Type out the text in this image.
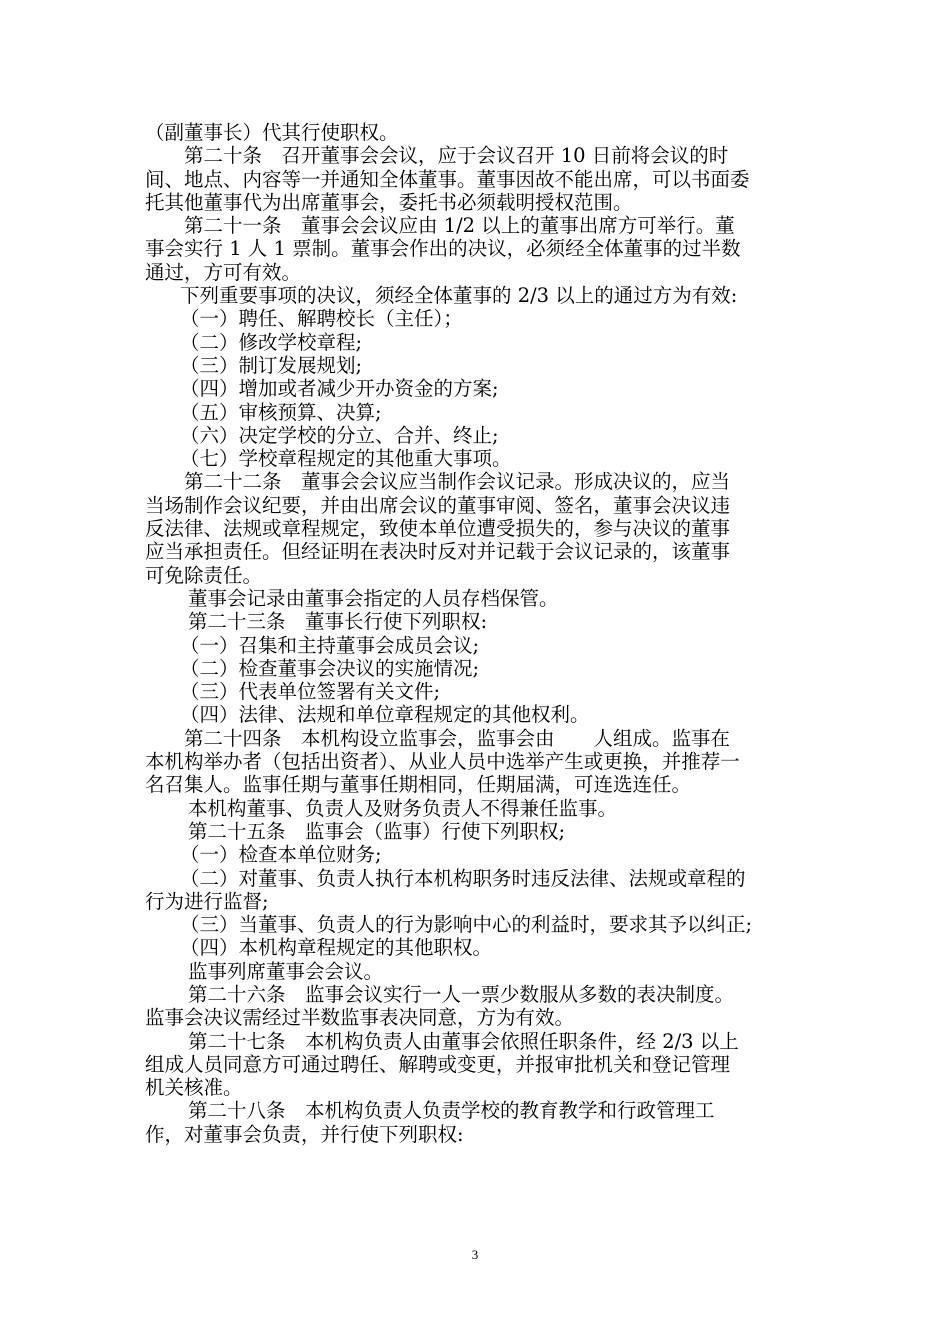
（副董事长）代其行使职权。
第二十条　召开董事会会议，应于会议召开 10 日前将会议的时
间、地点、内容等一并通知全体董事。董事因故不能出席，可以书面委
托其他董事代为出席董事会，委托书必须载明授权范围。
第二十一条　董事会会议应由 1/2 以上的董事出席方可举行。董
事会实行 1 人 1 票制。董事会作出的决议，必须经全体董事的过半数
通过，方可有效。
下列重要事项的决议，须经全体董事的 2/3 以上的通过方为有效:
（一）聘任、解聘校长（主任）；
（二）修改学校章程;
（三）制订发展规划;
（四）增加或者减少开办资金的方案;
（五）审核预算、决算;
（六）决定学校的分立、合并、终止;
（七）学校章程规定的其他重大事项。
第二十二条　董事会会议应当制作会议记录。形成决议的，应当
当场制作会议纪要，并由出席会议的董事审阅、签名，董事会决议违
反法律、法规或章程规定，致使本单位遭受损失的，参与决议的董事
应当承担责任。但经证明在表决时反对并记载于会议记录的，该董事
可免除责任。
董事会记录由董事会指定的人员存档保管。
第二十三条　董事长行使下列职权:
（一）召集和主持董事会成员会议;
（二）检查董事会决议的实施情况;
（三）代表单位签署有关文件;
（四）法律、法规和单位章程规定的其他权利。
第二十四条　本机构设立监事会，监事会由　　人组成。监事在
本机构举办者（包括出资者）、从业人员中选举产生或更换，并推荐一
名召集人。监事任期与董事任期相同，任期届满，可连选连任。
本机构董事、负责人及财务负责人不得兼任监事。
第二十五条　监事会（监事）行使下列职权;
（一）检查本单位财务;
（二）对董事、负责人执行本机构职务时违反法律、法规或章程的
行为进行监督;
（三）当董事、负责人的行为影响中心的利益时，要求其予以纠正;
（四）本机构章程规定的其他职权。
监事列席董事会会议。
第二十六条　监事会议实行一人一票少数服从多数的表决制度。
监事会决议需经过半数监事表决同意，方为有效。
第二十七条　本机构负责人由董事会依照任职条件，经 2/3 以上
组成人员同意方可通过聘任、解聘或变更，并报审批机关和登记管理
机关核准。
第二十八条　本机构负责人负责学校的教育教学和行政管理工
作，对董事会负责，并行使下列职权:
3
